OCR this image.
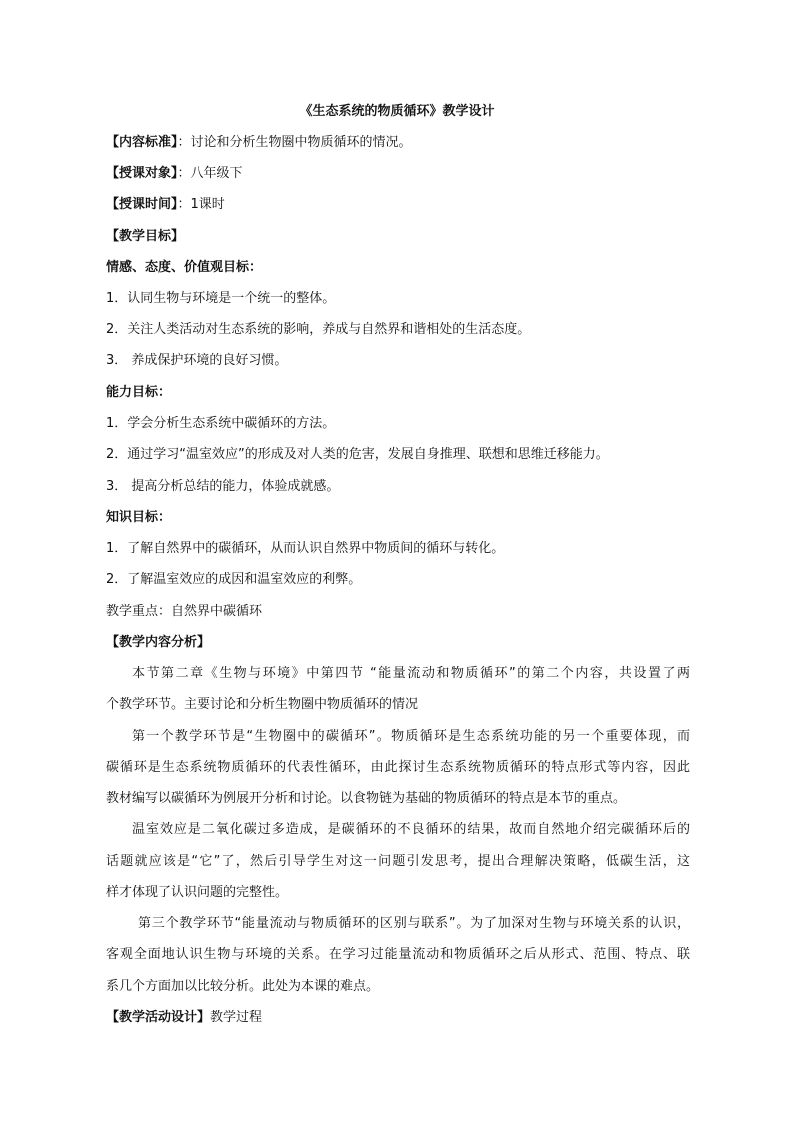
《生态系统的物质循环》教学设计
【内容标准】：讨论和分析生物圈中物质循环的情况。
【授课对象】：八年级下
【授课时间】：1课时
【教学目标】
情感、态度、价值观目标：
1．认同生物与环境是一个统一的整体。
2．关注人类活动对生态系统的影响，养成与自然界和谐相处的生活态度。
3． 养成保护环境的良好习惯。
能力目标：
1．学会分析生态系统中碳循环的方法。
2．通过学习“温室效应”的形成及对人类的危害，发展自身推理、联想和思维迁移能力。
3． 提高分析总结的能力，体验成就感。
知识目标：
1．了解自然界中的碳循环，从而认识自然界中物质间的循环与转化。
2．了解温室效应的成因和温室效应的利弊。
教学重点：自然界中碳循环
【教学内容分析】
本节第二章《生物与环境》中第四节 “能量流动和物质循环”的第二个内容，共设置了两
个教学环节。主要讨论和分析生物圈中物质循环的情况
第一个教学环节是“生物圈中的碳循环”。物质循环是生态系统功能的另一个重要体现，而
碳循环是生态系统物质循环的代表性循环，由此探讨生态系统物质循环的特点形式等内容，因此
教材编写以碳循环为例展开分析和讨论。以食物链为基础的物质循环的特点是本节的重点。
温室效应是二氧化碳过多造成，是碳循环的不良循环的结果，故而自然地介绍完碳循环后的
话题就应该是“它”了，然后引导学生对这一问题引发思考，提出合理解决策略，低碳生活，这
样才体现了认识问题的完整性。
第三个教学环节“能量流动与物质循环的区别与联系”。为了加深对生物与环境关系的认识，
客观全面地认识生物与环境的关系。在学习过能量流动和物质循环之后从形式、范围、特点、联
系几个方面加以比较分析。此处为本课的难点。
【教学活动设计】教学过程
